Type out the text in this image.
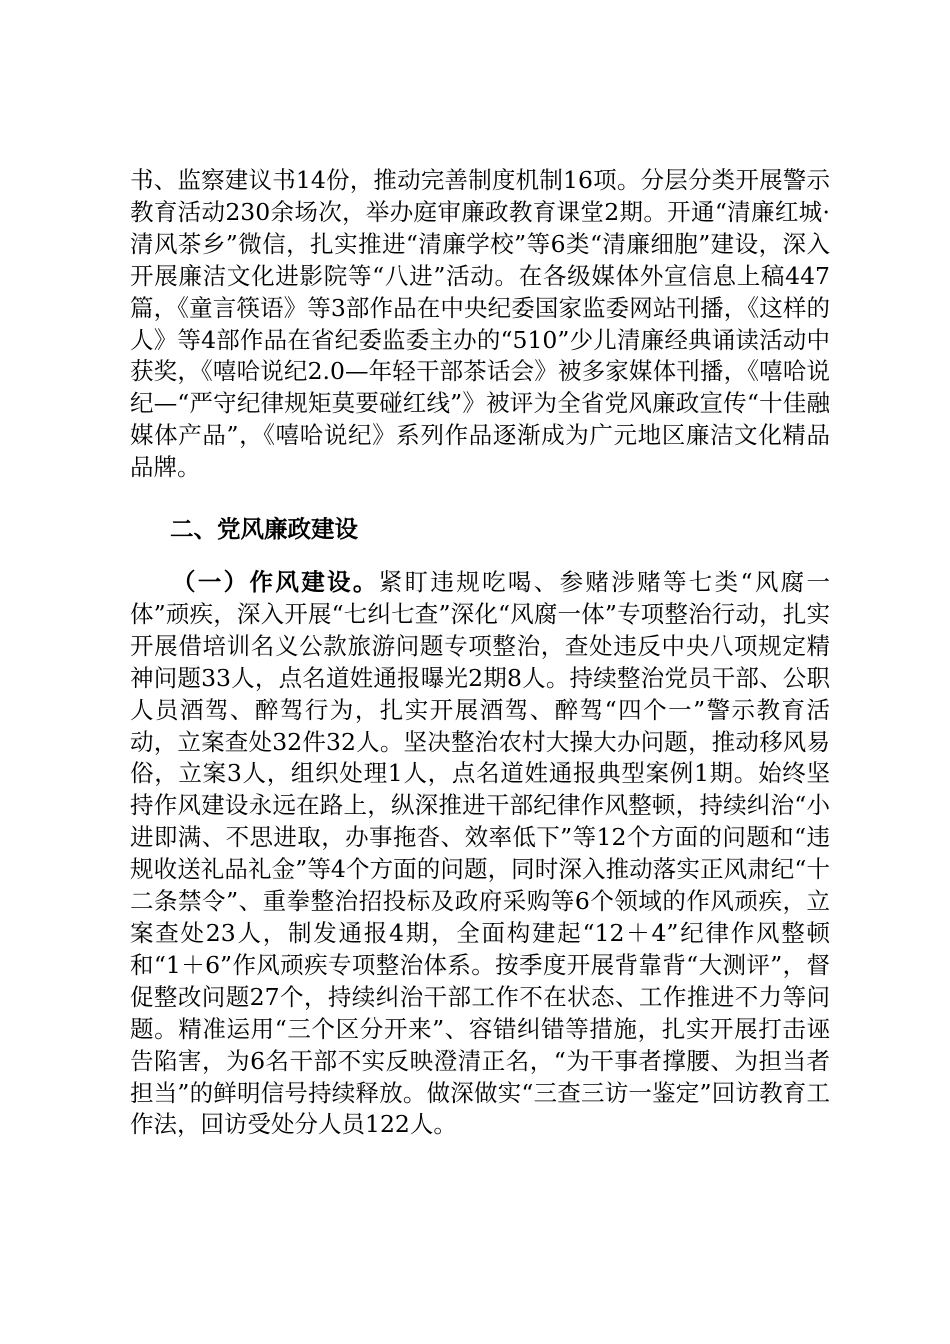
书、监察建议书14份，推动完善制度机制16项。分层分类开展警示教育活动230余场次，举办庭审廉政教育课堂2期。开通“清廉红城·清风茶乡”微信，扎实推进“清廉学校”等6类“清廉细胞”建设，深入开展廉洁文化进影院等“八进”活动。在各级媒体外宣信息上稿447篇，《童言筷语》等3部作品在中央纪委国家监委网站刊播，《这样的人》等4部作品在省纪委监委主办的“510”少儿清廉经典诵读活动中获奖，《嘻哈说纪2.0—年轻干部茶话会》被多家媒体刊播，《嘻哈说纪—“严守纪律规矩莫要碰红线”》被评为全省党风廉政宣传“十佳融媒体产品”，《嘻哈说纪》系列作品逐渐成为广元地区廉洁文化精品品牌。

二、党风廉政建设

（一）作风建设。紧盯违规吃喝、参赌涉赌等七类“风腐一体”顽疾，深入开展“七纠七查”深化“风腐一体”专项整治行动，扎实开展借培训名义公款旅游问题专项整治，查处违反中央八项规定精神问题33人，点名道姓通报曝光2期8人。持续整治党员干部、公职人员酒驾、醉驾行为，扎实开展酒驾、醉驾“四个一”警示教育活动，立案查处32件32人。坚决整治农村大操大办问题，推动移风易俗，立案3人，组织处理1人，点名道姓通报典型案例1期。始终坚持作风建设永远在路上，纵深推进干部纪律作风整顿，持续纠治“小进即满、不思进取，办事拖沓、效率低下”等12个方面的问题和“违规收送礼品礼金”等4个方面的问题，同时深入推动落实正风肃纪“十二条禁令”、重拳整治招投标及政府采购等6个领域的作风顽疾，立案查处23人，制发通报4期，全面构建起“12＋4”纪律作风整顿和“1＋6”作风顽疾专项整治体系。按季度开展背靠背“大测评”，督促整改问题27个，持续纠治干部工作不在状态、工作推进不力等问题。精准运用“三个区分开来”、容错纠错等措施，扎实开展打击诬告陷害，为6名干部不实反映澄清正名，“为干事者撑腰、为担当者担当”的鲜明信号持续释放。做深做实“三查三访一鉴定”回访教育工作法，回访受处分人员122人。
